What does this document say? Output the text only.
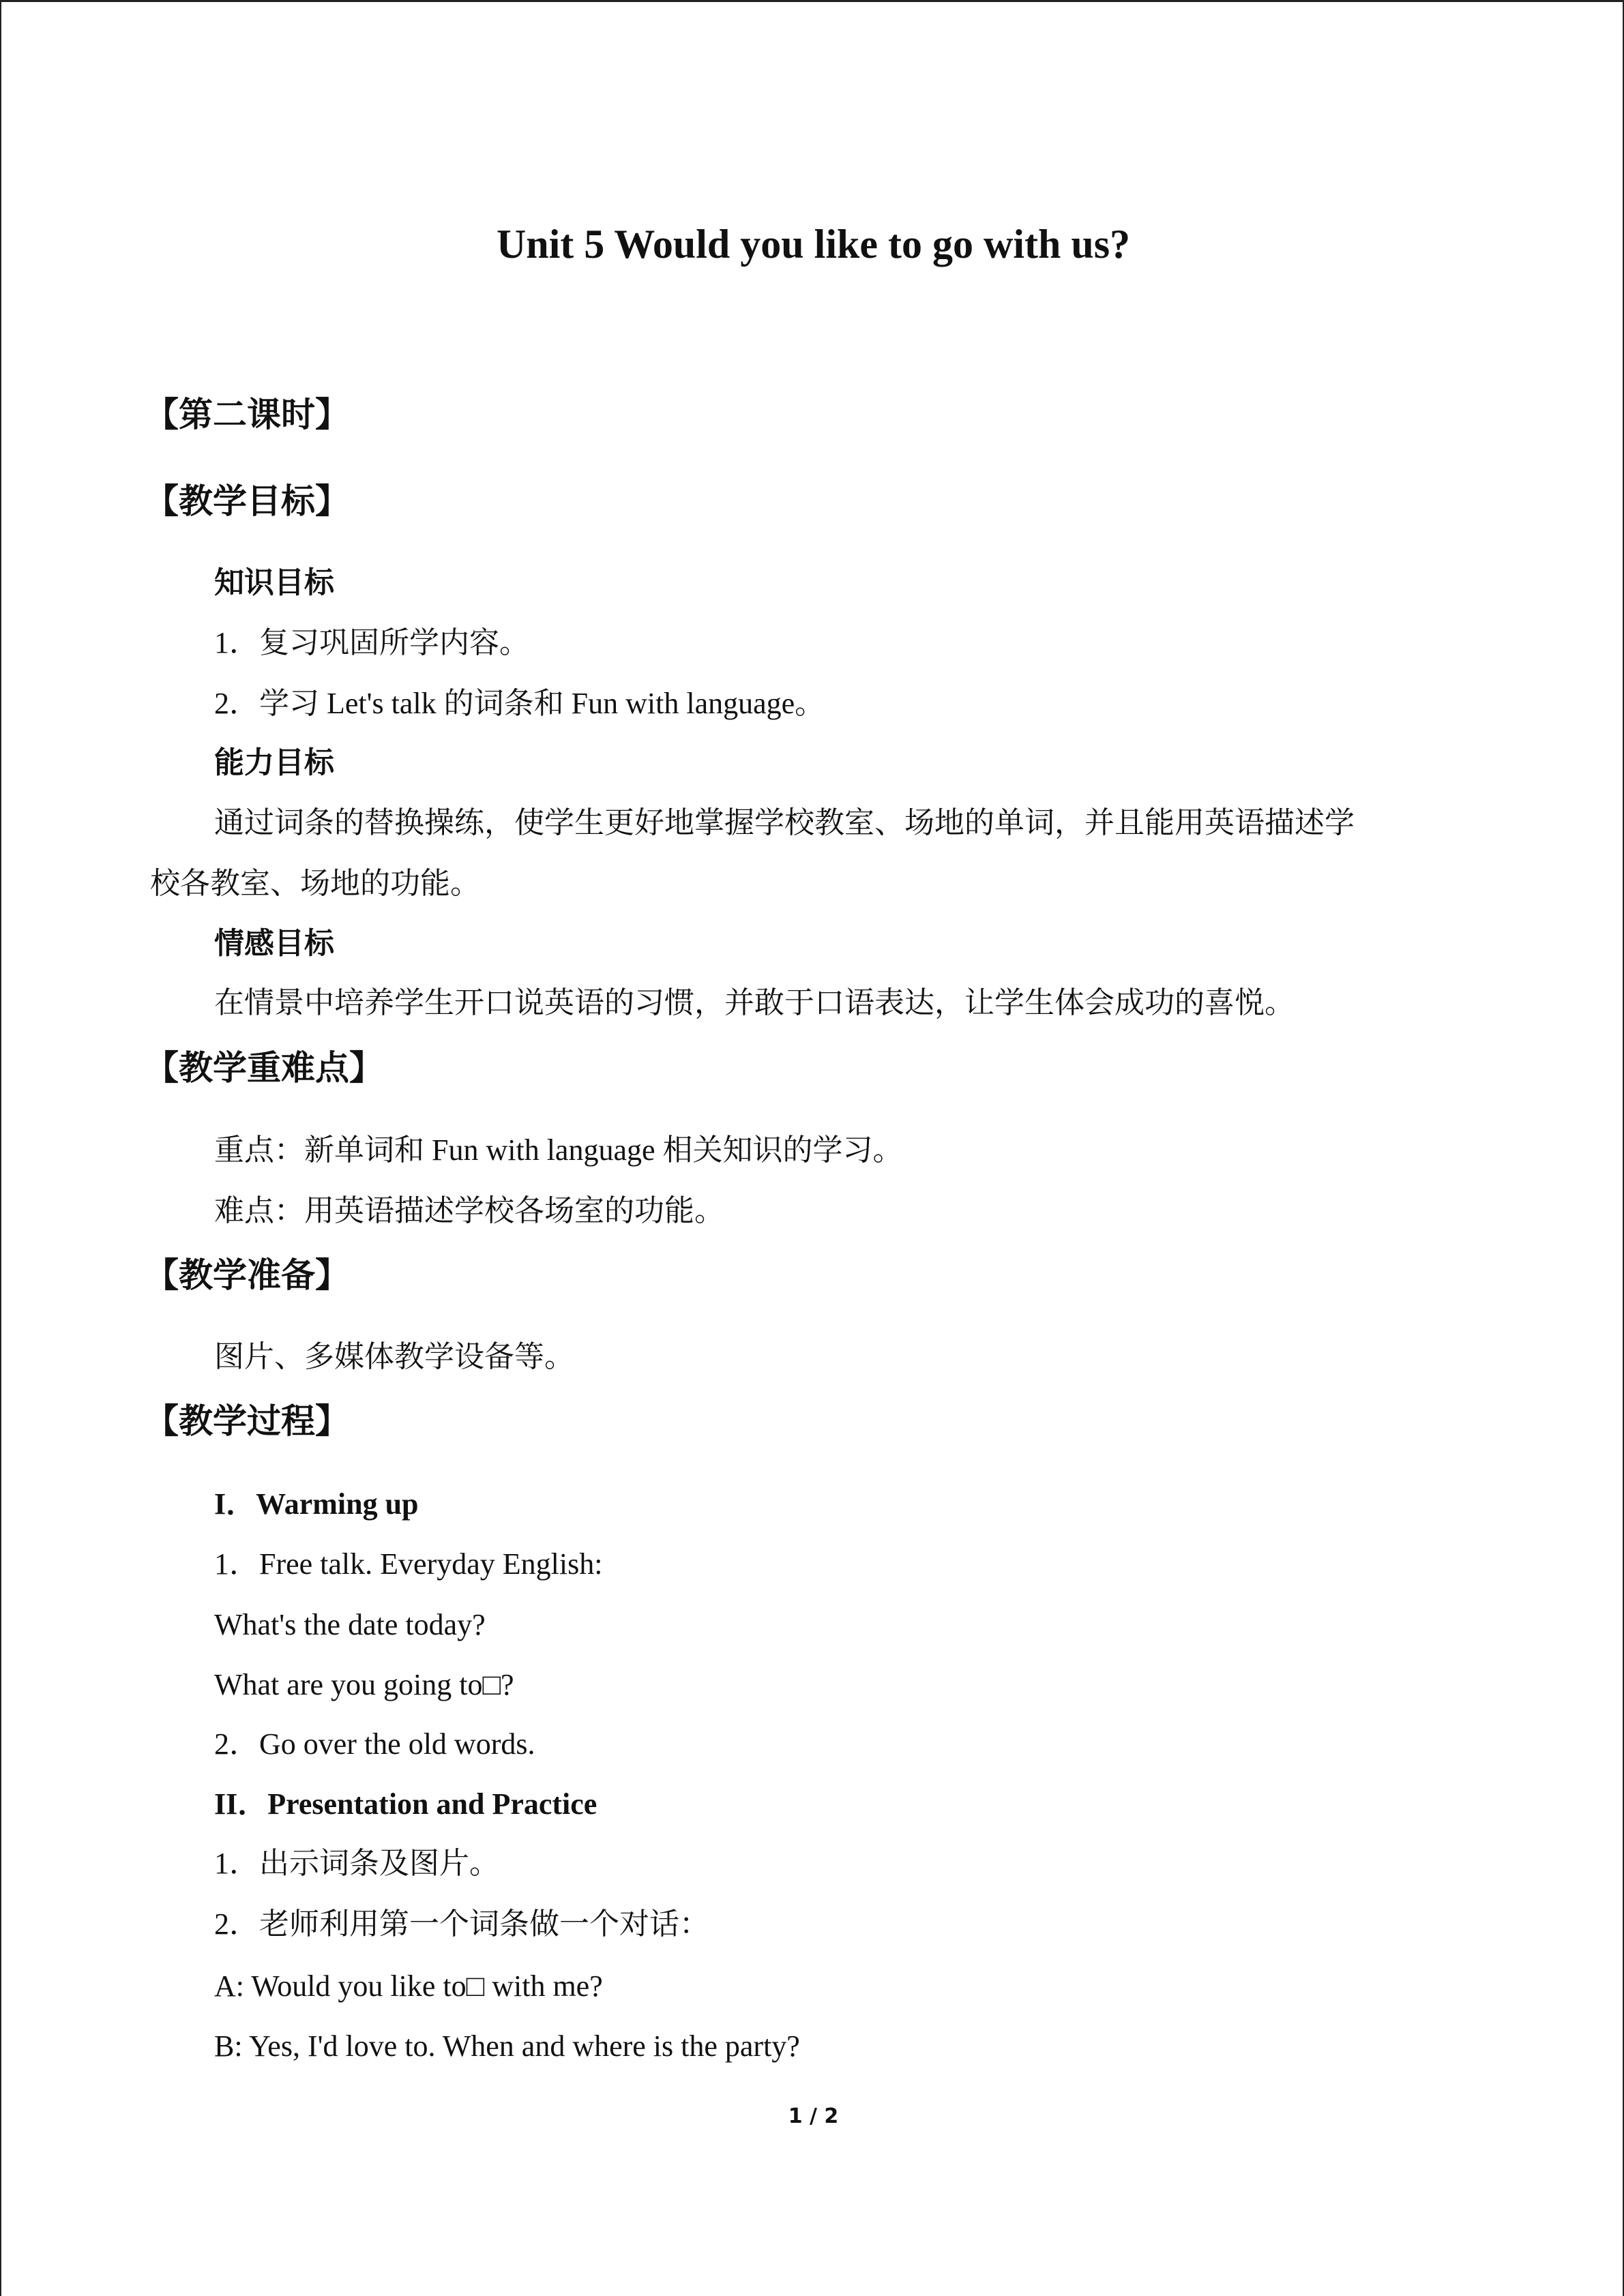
Unit 5 Would you like to go with us?
【第二课时】
【教学目标】
知识目标
1．复习巩固所学内容。
2．学习 Let's talk 的词条和 Fun with language。
能力目标
通过词条的替换操练，使学生更好地掌握学校教室、场地的单词，并且能用英语描述学
校各教室、场地的功能。
情感目标
在情景中培养学生开口说英语的习惯，并敢于口语表达，让学生体会成功的喜悦。
【教学重难点】
重点：新单词和 Fun with language 相关知识的学习。
难点：用英语描述学校各场室的功能。
【教学准备】
图片、多媒体教学设备等。
【教学过程】
I．Warming up
1．Free talk. Everyday English:
What's the date today?
What are you going to□?
2．Go over the old words.
II．Presentation and Practice
1．出示词条及图片。
2．老师利用第一个词条做一个对话：
A: Would you like to□ with me?
B: Yes, I'd love to. When and where is the party?
1 / 2
